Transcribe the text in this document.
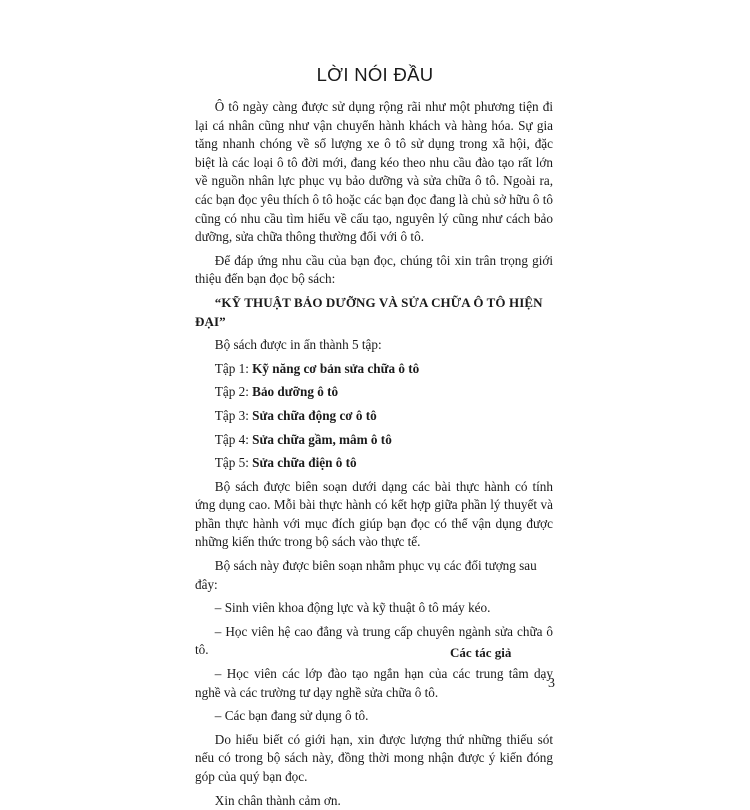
LỜI NÓI ĐẦU

Ô tô ngày càng được sử dụng rộng rãi như một phương tiện đi lại cá nhân cũng như vận chuyển hành khách và hàng hóa. Sự gia tăng nhanh chóng về số lượng xe ô tô sử dụng trong xã hội, đặc biệt là các loại ô tô đời mới, đang kéo theo nhu cầu đào tạo rất lớn về nguồn nhân lực phục vụ bảo dưỡng và sửa chữa ô tô. Ngoài ra, các bạn đọc yêu thích ô tô hoặc các bạn đọc đang là chủ sở hữu ô tô cũng có nhu cầu tìm hiểu về cấu tạo, nguyên lý cũng như cách bảo dưỡng, sửa chữa thông thường đối với ô tô.

Để đáp ứng nhu cầu của bạn đọc, chúng tôi xin trân trọng giới thiệu đến bạn đọc bộ sách:

“KỸ THUẬT BẢO DƯỠNG VÀ SỬA CHỮA Ô TÔ HIỆN ĐẠI”

Bộ sách được in ấn thành 5 tập:

Tập 1: Kỹ năng cơ bản sửa chữa ô tô

Tập 2: Bảo dưỡng ô tô

Tập 3: Sửa chữa động cơ ô tô

Tập 4: Sửa chữa gầm, mâm ô tô

Tập 5: Sửa chữa điện ô tô

Bộ sách được biên soạn dưới dạng các bài thực hành có tính ứng dụng cao. Mỗi bài thực hành có kết hợp giữa phần lý thuyết và phần thực hành với mục đích giúp bạn đọc có thể vận dụng được những kiến thức trong bộ sách vào thực tế.

Bộ sách này được biên soạn nhằm phục vụ các đối tượng sau đây:

– Sinh viên khoa động lực và kỹ thuật ô tô máy kéo.

– Học viên hệ cao đẳng và trung cấp chuyên ngành sửa chữa ô tô.

– Học viên các lớp đào tạo ngắn hạn của các trung tâm dạy nghề và các trường tư dạy nghề sửa chữa ô tô.

– Các bạn đang sử dụng ô tô.

Do hiểu biết có giới hạn, xin được lượng thứ những thiếu sót nếu có trong bộ sách này, đồng thời mong nhận được ý kiến đóng góp của quý bạn đọc.

Xin chân thành cảm ơn.

Các tác giả
3
